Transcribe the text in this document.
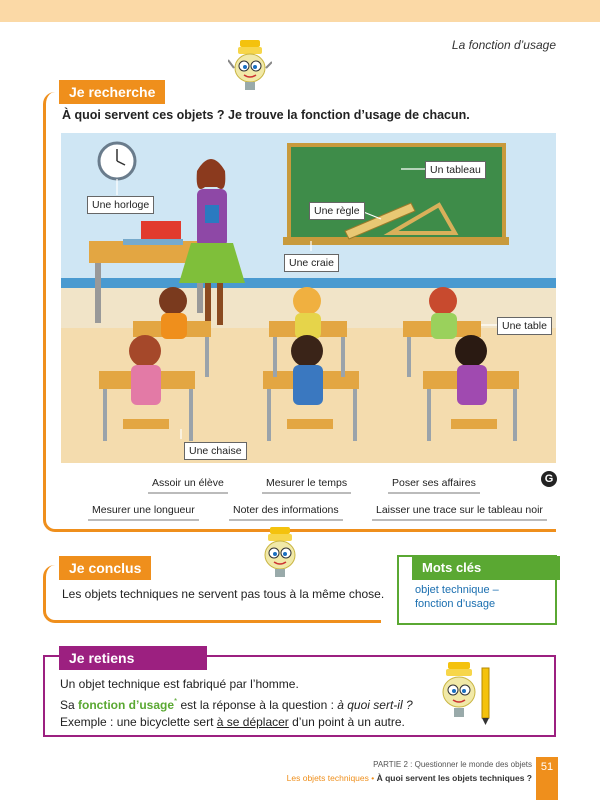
La fonction d’usage
Je recherche
À quoi servent ces objets ? Je trouve la fonction d’usage de chacun.
Une horloge
Un tableau
Une règle
Une craie
Une table
Une chaise
Assoir un élève	Mesurer le temps	Poser ses affaires
Mesurer une longueur	Noter des informations	Laisser une trace sur le tableau noir
G
Je conclus
Les objets techniques ne servent pas tous à la même chose.
Mots clés
objet technique –
fonction d’usage
Je retiens
Un objet technique est fabriqué par l’homme.
Sa fonction d’usage* est la réponse à la question : à quoi sert-il ?
Exemple : une bicyclette sert à se déplacer d’un point à un autre.
PARTIE 2 : Questionner le monde des objets
Les objets techniques • À quoi servent les objets techniques ?
51
